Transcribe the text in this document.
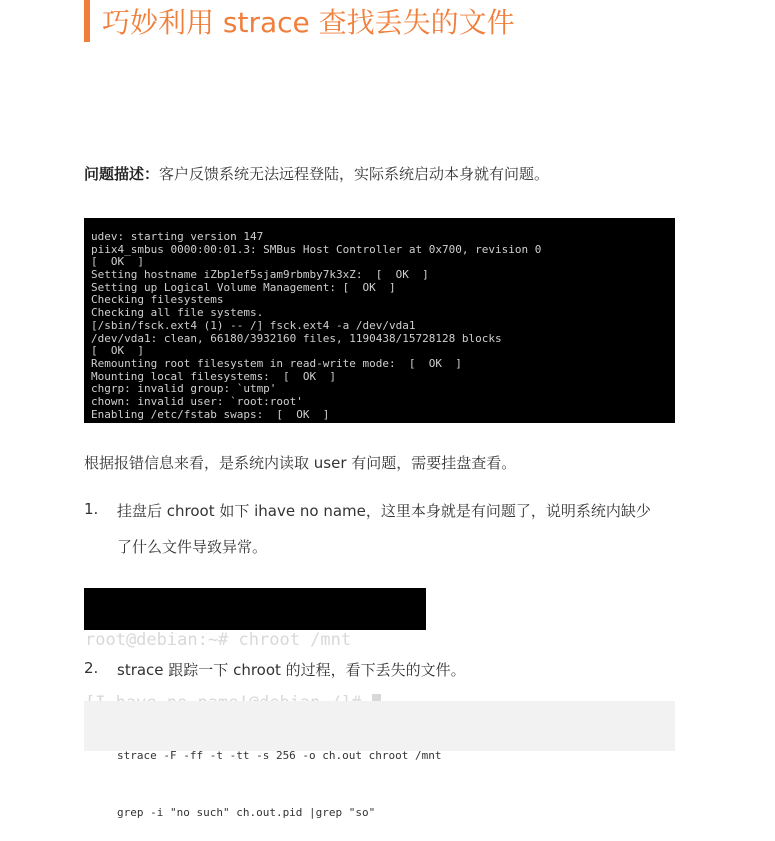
巧妙利用 strace 查找丢失的文件
问题描述：客户反馈系统无法远程登陆，实际系统启动本身就有问题。
udev: starting version 147
piix4_smbus 0000:00:01.3: SMBus Host Controller at 0x700, revision 0
[  OK  ]
Setting hostname iZbp1ef5sjam9rbmby7k3xZ:  [  OK  ]
Setting up Logical Volume Management: [  OK  ]
Checking filesystems
Checking all file systems.
[/sbin/fsck.ext4 (1) -- /] fsck.ext4 -a /dev/vda1
/dev/vda1: clean, 66180/3932160 files, 1190438/15728128 blocks
[  OK  ]
Remounting root filesystem in read-write mode:  [  OK  ]
Mounting local filesystems:  [  OK  ]
chgrp: invalid group: `utmp'
chown: invalid user: `root:root'
Enabling /etc/fstab swaps:  [  OK  ]
根据报错信息来看，是系统内读取 user 有问题，需要挂盘查看。
1. 挂盘后 chroot 如下 ihave no name，这里本身就是有问题了，说明系统内缺少
了什么文件导致异常。

root@debian:~# chroot /mnt

2. strace 跟踪一下 chroot 的过程，看下丢失的文件。

strace -F -ff -t -tt -s 256 -o ch.out chroot /mnt

grep -i "no such" ch.out.pid |grep "so"
